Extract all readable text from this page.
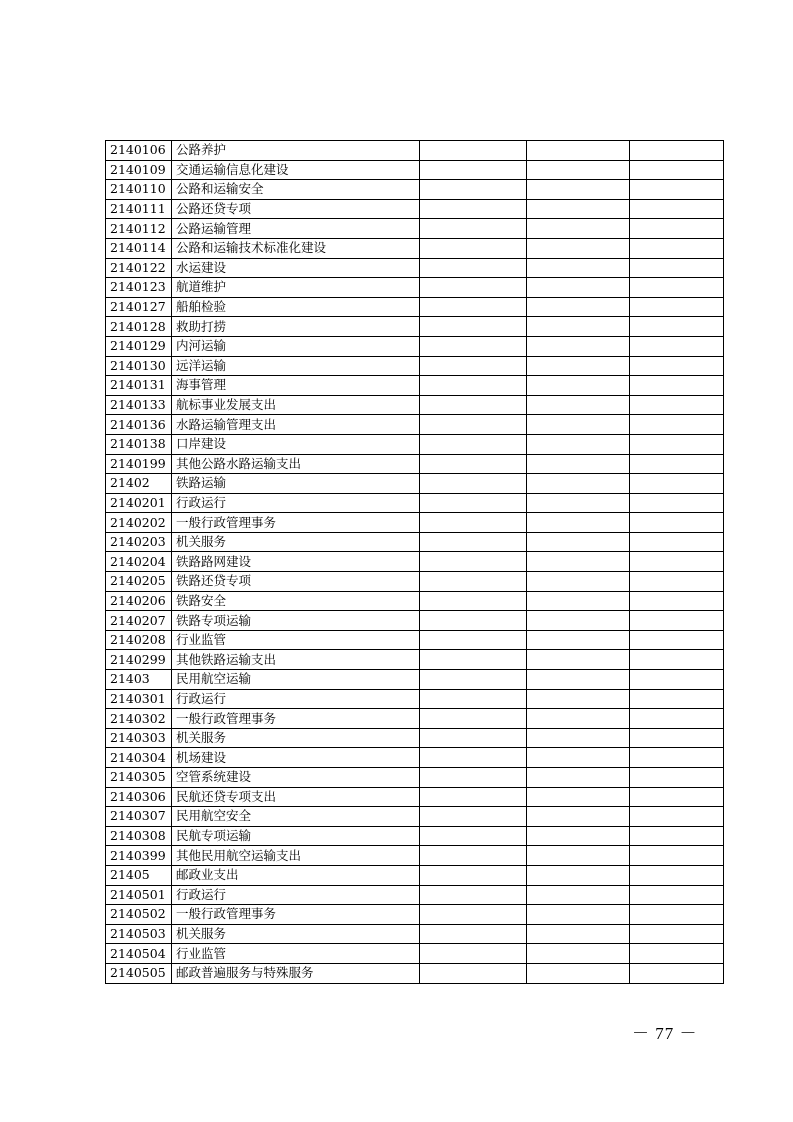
2140106	公路养护			
2140109	交通运输信息化建设			
2140110	公路和运输安全			
2140111	公路还贷专项			
2140112	公路运输管理			
2140114	公路和运输技术标准化建设			
2140122	水运建设			
2140123	航道维护			
2140127	船舶检验			
2140128	救助打捞			
2140129	内河运输			
2140130	远洋运输			
2140131	海事管理			
2140133	航标事业发展支出			
2140136	水路运输管理支出			
2140138	口岸建设			
2140199	其他公路水路运输支出			
21402	铁路运输			
2140201	行政运行			
2140202	一般行政管理事务			
2140203	机关服务			
2140204	铁路路网建设			
2140205	铁路还贷专项			
2140206	铁路安全			
2140207	铁路专项运输			
2140208	行业监管			
2140299	其他铁路运输支出			
21403	民用航空运输			
2140301	行政运行			
2140302	一般行政管理事务			
2140303	机关服务			
2140304	机场建设			
2140305	空管系统建设			
2140306	民航还贷专项支出			
2140307	民用航空安全			
2140308	民航专项运输			
2140399	其他民用航空运输支出			
21405	邮政业支出			
2140501	行政运行			
2140502	一般行政管理事务			
2140503	机关服务			
2140504	行业监管			
2140505	邮政普遍服务与特殊服务			
－ 77 －
